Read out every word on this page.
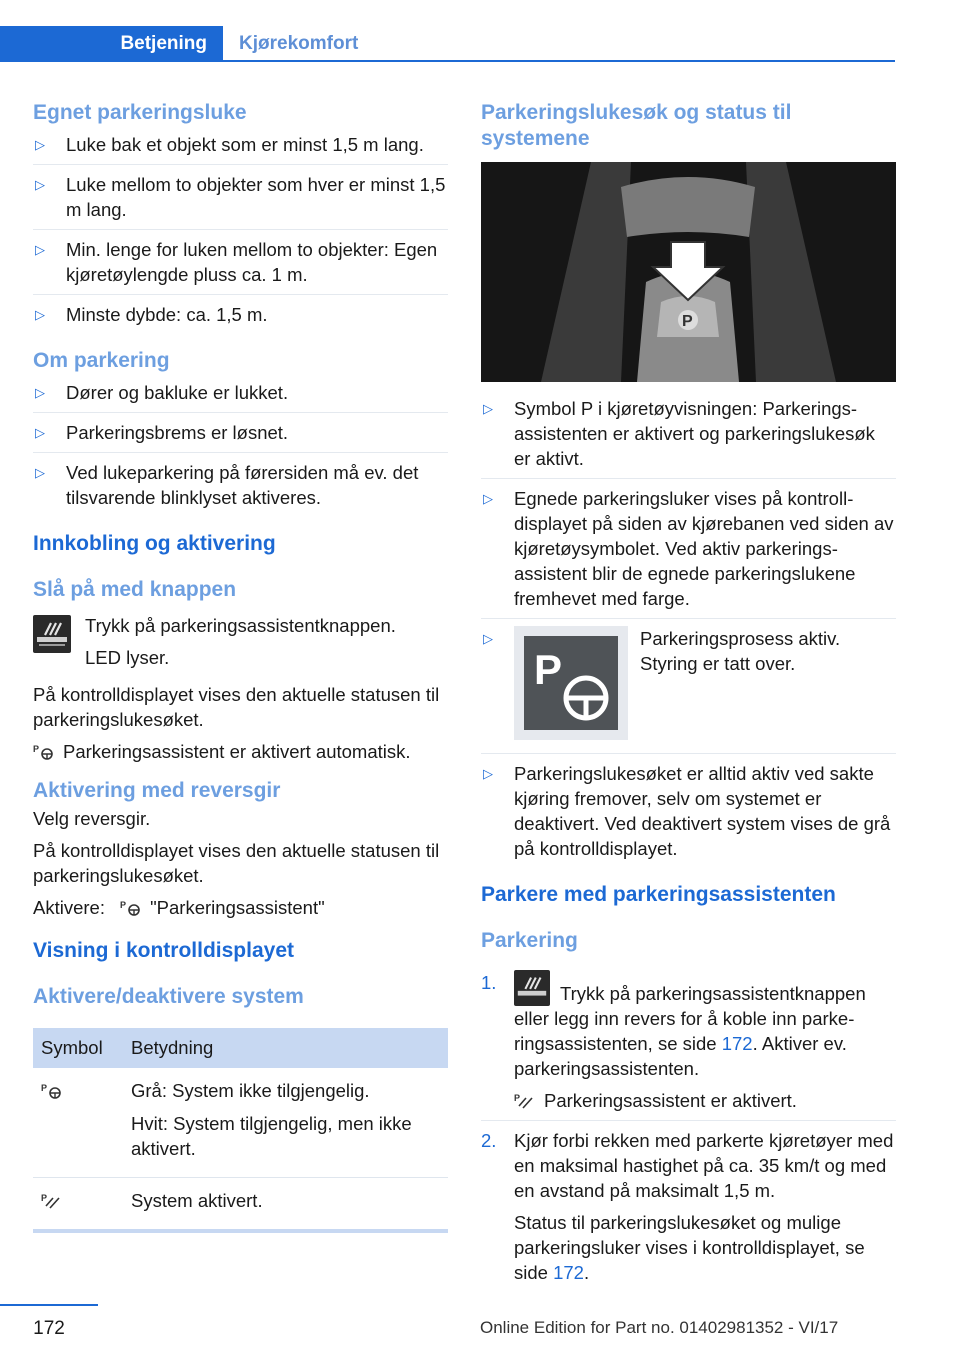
Betjening	Kjørekomfort
Egnet parkeringsluke
▷ Luke bak et objekt som er minst 1,5 m lang.
▷ Luke mellom to objekter som hver er minst 1,5 m lang.
▷ Min. lenge for luken mellom to objekter: Egen kjøretøylengde pluss ca. 1 m.
▷ Minste dybde: ca. 1,5 m.
Om parkering
▷ Dører og bakluke er lukket.
▷ Parkeringsbrems er løsnet.
▷ Ved lukeparkering på førersiden må ev. det tilsvarende blinklyset aktiveres.
Innkobling og aktivering
Slå på med knappen

Trykk på parkeringsassistentknappen.

LED lyser.

På kontrolldisplayet vises den aktuelle statusen til parkeringslukesøket.

P Parkeringsassistent er aktivert automatisk.

Aktivering med reversgir

Velg reversgir.

På kontrolldisplayet vises den aktuelle statusen til parkeringslukesøket.

Aktivere: P "Parkeringsassistent"

Visning i kontrolldisplayet
Aktivere/deaktivere system
Symbol	Betydning

P	Grå: System ikke tilgjengelig.

Hvit: System tilgjengelig, men ikke aktivert.

P	System aktivert.

Parkeringslukesøk og status til systemene
P
▷ Symbol P i kjøretøyvisningen: Parkeringsassistenten er aktivert og parkeringslukesøk er aktivt.
▷ Egnede parkeringsluker vises på kontrolldisplayet på siden av kjørebanen ved siden av kjøretøysymbolet. Ved aktiv parkeringsassistent blir de egnede parkeringslukene fremhevet med farge.
▷
P

Parkeringsprosess aktiv.

Styring er tatt over.

▷ Parkeringslukesøket er alltid aktiv ved sakte kjøring fremover, selv om systemet er deaktivert. Ved deaktivert system vises de grå på kontrolldisplayet.
Parkere med parkeringsassistenten
Parkering
1.
Trykk på parkeringsassistentknappen eller legg inn revers for å koble inn parkeringsassistenten, se side 172. Aktiver ev. parkeringsassistenten.

P Parkeringsassistent er aktivert.

2. Kjør forbi rekken med parkerte kjøretøyer med en maksimal hastighet på ca. 35 km/t og med en avstand på maksimalt 1,5 m.

Status til parkeringslukesøket og mulige parkeringsluker vises i kontrolldisplayet, se side 172.

172	Online Edition for Part no. 01402981352 - VI/17
